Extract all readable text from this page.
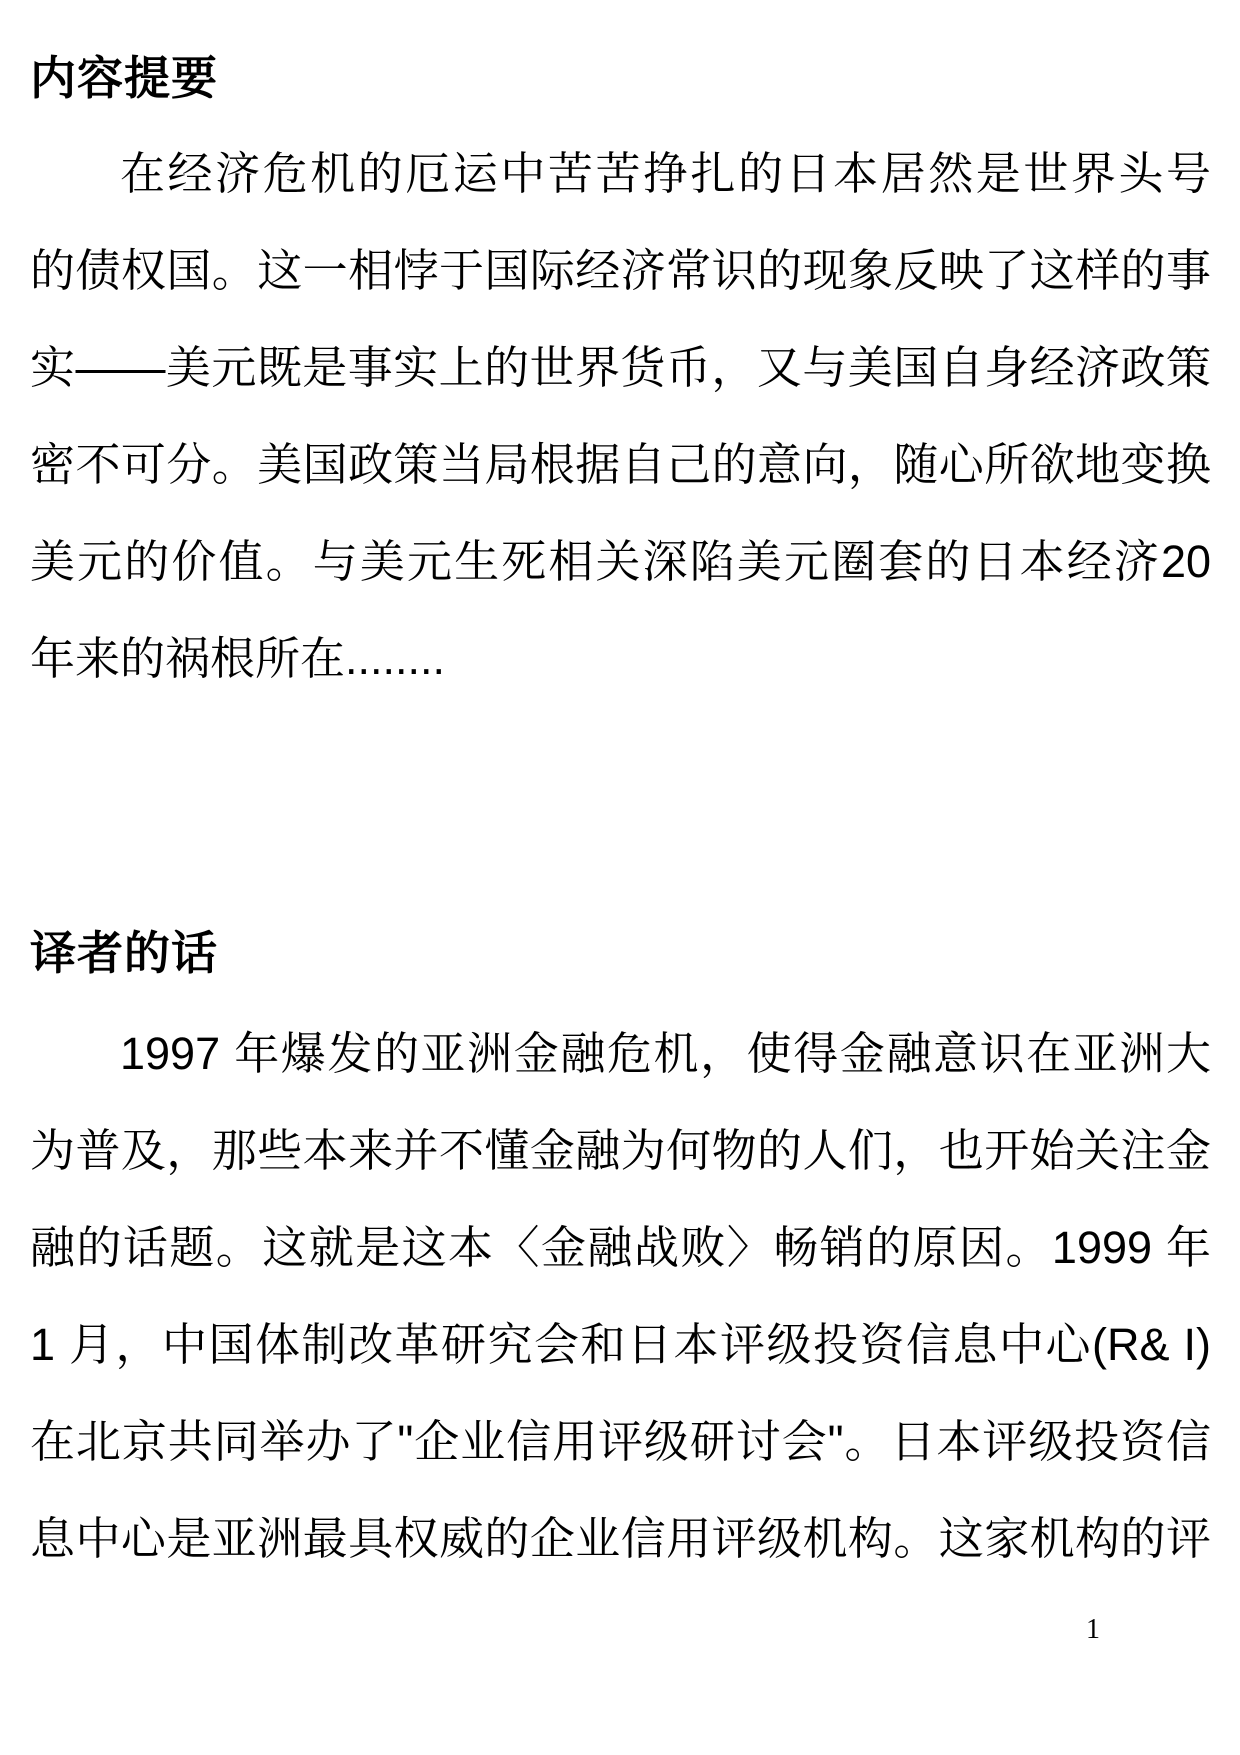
内容提要
在经济危机的厄运中苦苦挣扎的日本居然是世界头号
的债权国。这一相悖于国际经济常识的现象反映了这样的事
实——美元既是事实上的世界货币，又与美国自身经济政策
密不可分。美国政策当局根据自己的意向，随心所欲地变换
美元的价值。与美元生死相关深陷美元圈套的日本经济20
年来的祸根所在........
译者的话
1997 年爆发的亚洲金融危机，使得金融意识在亚洲大
为普及，那些本来并不懂金融为何物的人们，也开始关注金
融的话题。这就是这本〈金融战败〉畅销的原因。1999 年
1 月，中国体制改革研究会和日本评级投资信息中心(R& I)
在北京共同举办了"企业信用评级研讨会"。日本评级投资信
息中心是亚洲最具权威的企业信用评级机构。这家机构的评
1
